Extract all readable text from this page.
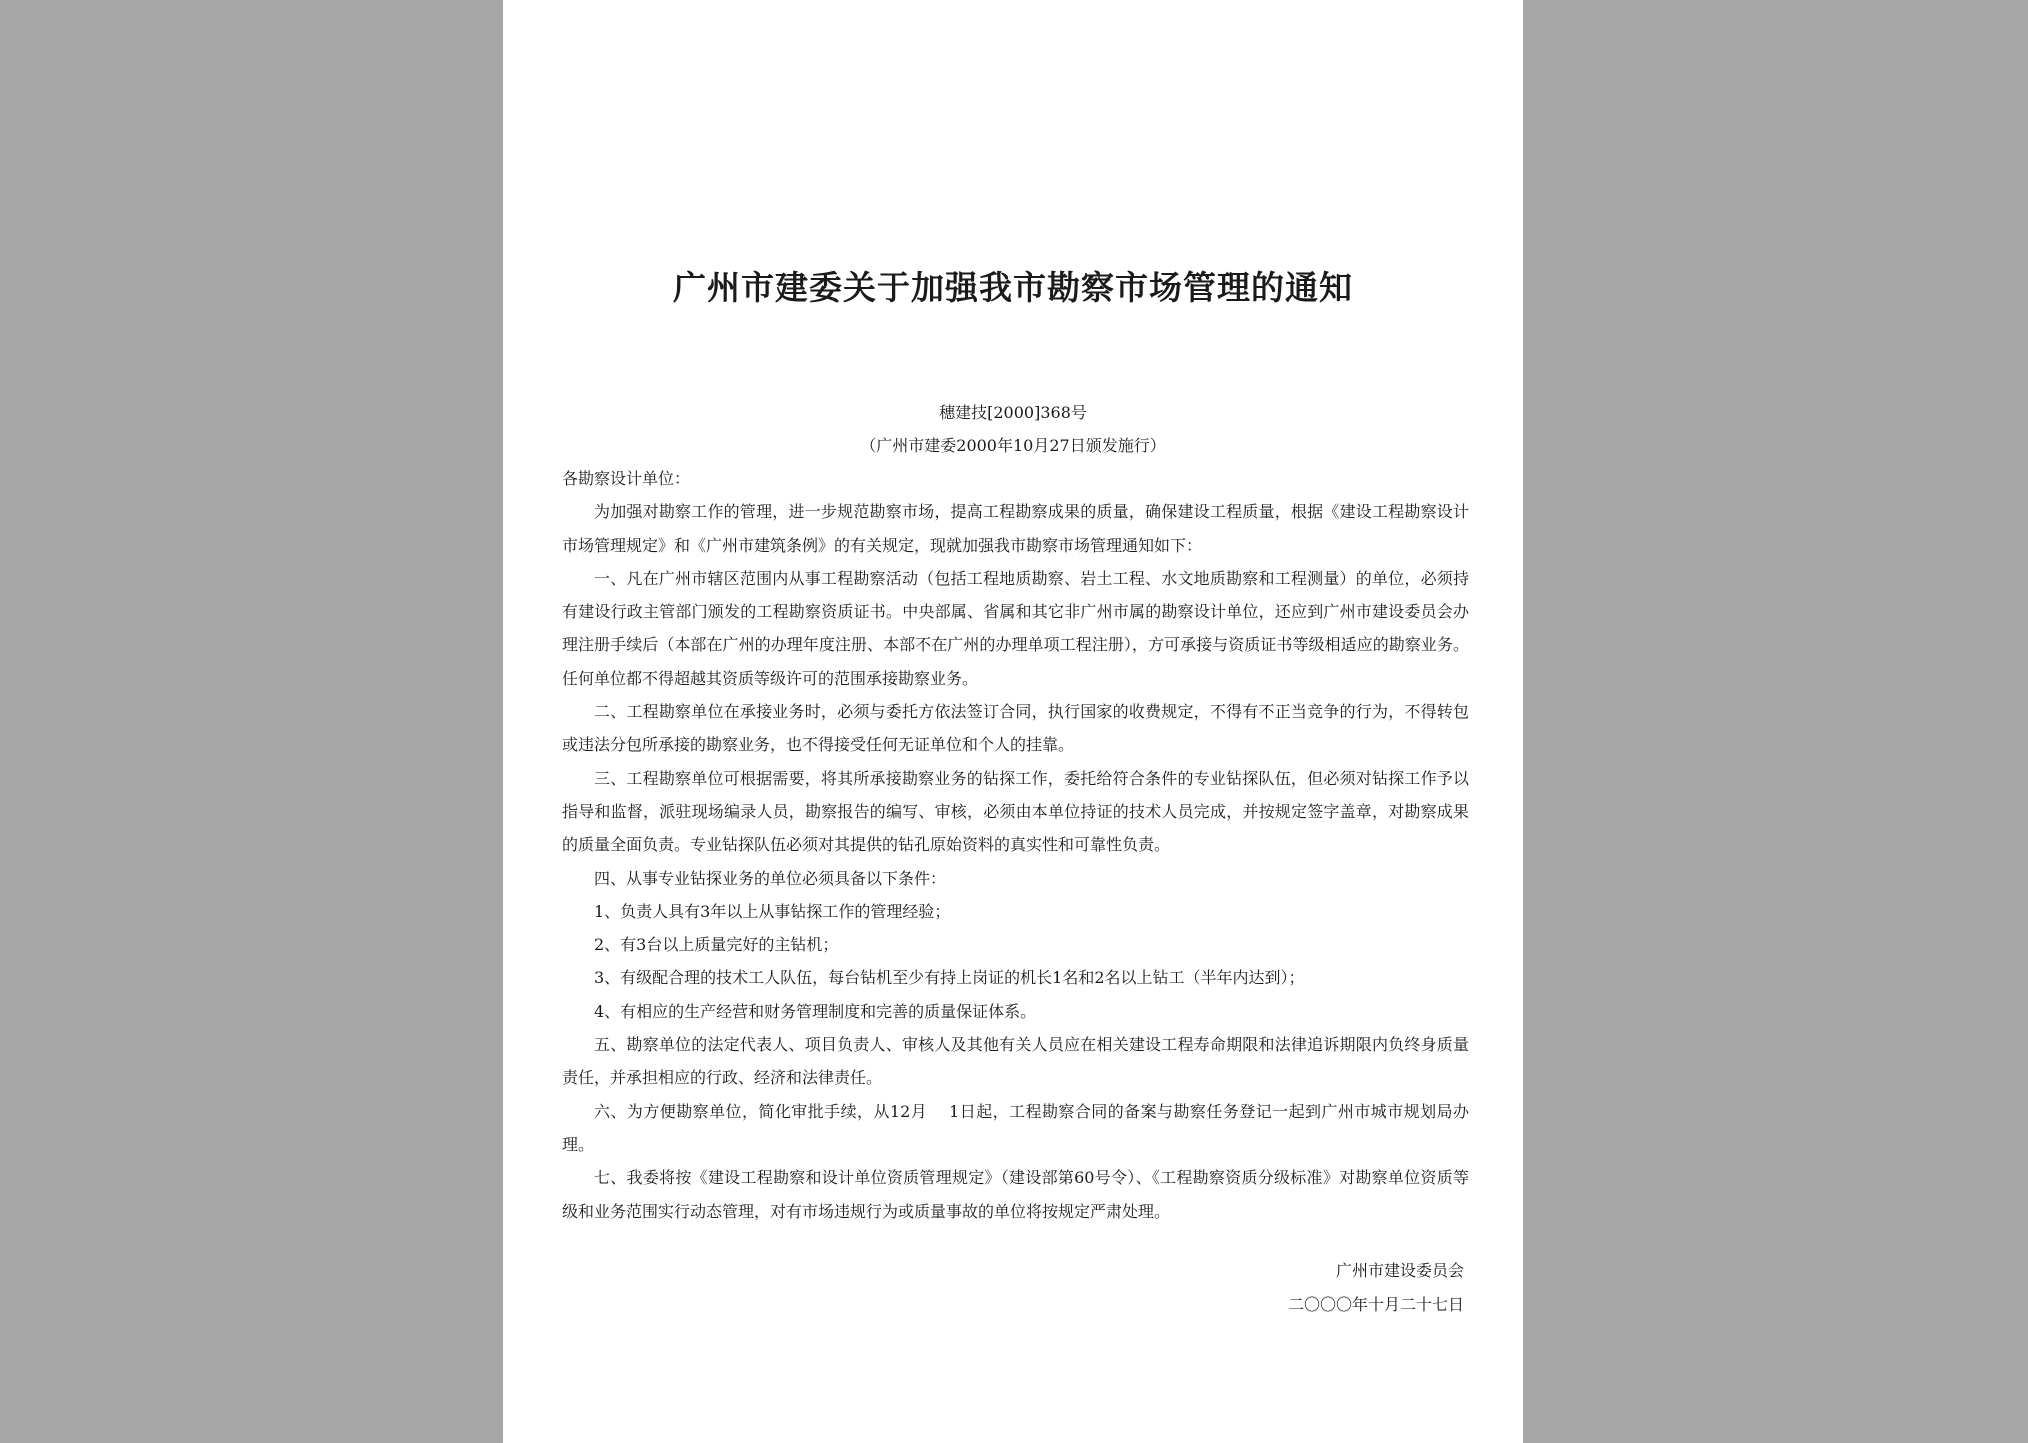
广州市建委关于加强我市勘察市场管理的通知

穗建技[2000]368号

（广州市建委2000年10月27日颁发施行）

各勘察设计单位：

为加强对勘察工作的管理，进一步规范勘察市场，提高工程勘察成果的质量，确保建设工程质量，根据《建设工程勘察设计市场管理规定》和《广州市建筑条例》的有关规定，现就加强我市勘察市场管理通知如下：

一、凡在广州市辖区范围内从事工程勘察活动（包括工程地质勘察、岩土工程、水文地质勘察和工程测量）的单位，必须持有建设行政主管部门颁发的工程勘察资质证书。中央部属、省属和其它非广州市属的勘察设计单位，还应到广州市建设委员会办理注册手续后（本部在广州的办理年度注册、本部不在广州的办理单项工程注册），方可承接与资质证书等级相适应的勘察业务。任何单位都不得超越其资质等级许可的范围承接勘察业务。

二、工程勘察单位在承接业务时，必须与委托方依法签订合同，执行国家的收费规定，不得有不正当竞争的行为，不得转包或违法分包所承接的勘察业务，也不得接受任何无证单位和个人的挂靠。

三、工程勘察单位可根据需要，将其所承接勘察业务的钻探工作，委托给符合条件的专业钻探队伍，但必须对钻探工作予以指导和监督，派驻现场编录人员，勘察报告的编写、审核，必须由本单位持证的技术人员完成，并按规定签字盖章，对勘察成果的质量全面负责。专业钻探队伍必须对其提供的钻孔原始资料的真实性和可靠性负责。

四、从事专业钻探业务的单位必须具备以下条件：

1、负责人具有3年以上从事钻探工作的管理经验；

2、有3台以上质量完好的主钻机；

3、有级配合理的技术工人队伍，每台钻机至少有持上岗证的机长1名和2名以上钻工（半年内达到）；

4、有相应的生产经营和财务管理制度和完善的质量保证体系。

五、勘察单位的法定代表人、项目负责人、审核人及其他有关人员应在相关建设工程寿命期限和法律追诉期限内负终身质量责任，并承担相应的行政、经济和法律责任。

六、为方便勘察单位，简化审批手续，从12月　 1日起，工程勘察合同的备案与勘察任务登记一起到广州市城市规划局办理。

七、我委将按《建设工程勘察和设计单位资质管理规定》（建设部第60号令）、《工程勘察资质分级标准》对勘察单位资质等级和业务范围实行动态管理，对有市场违规行为或质量事故的单位将按规定严肃处理。

广州市建设委员会

二〇〇〇年十月二十七日
